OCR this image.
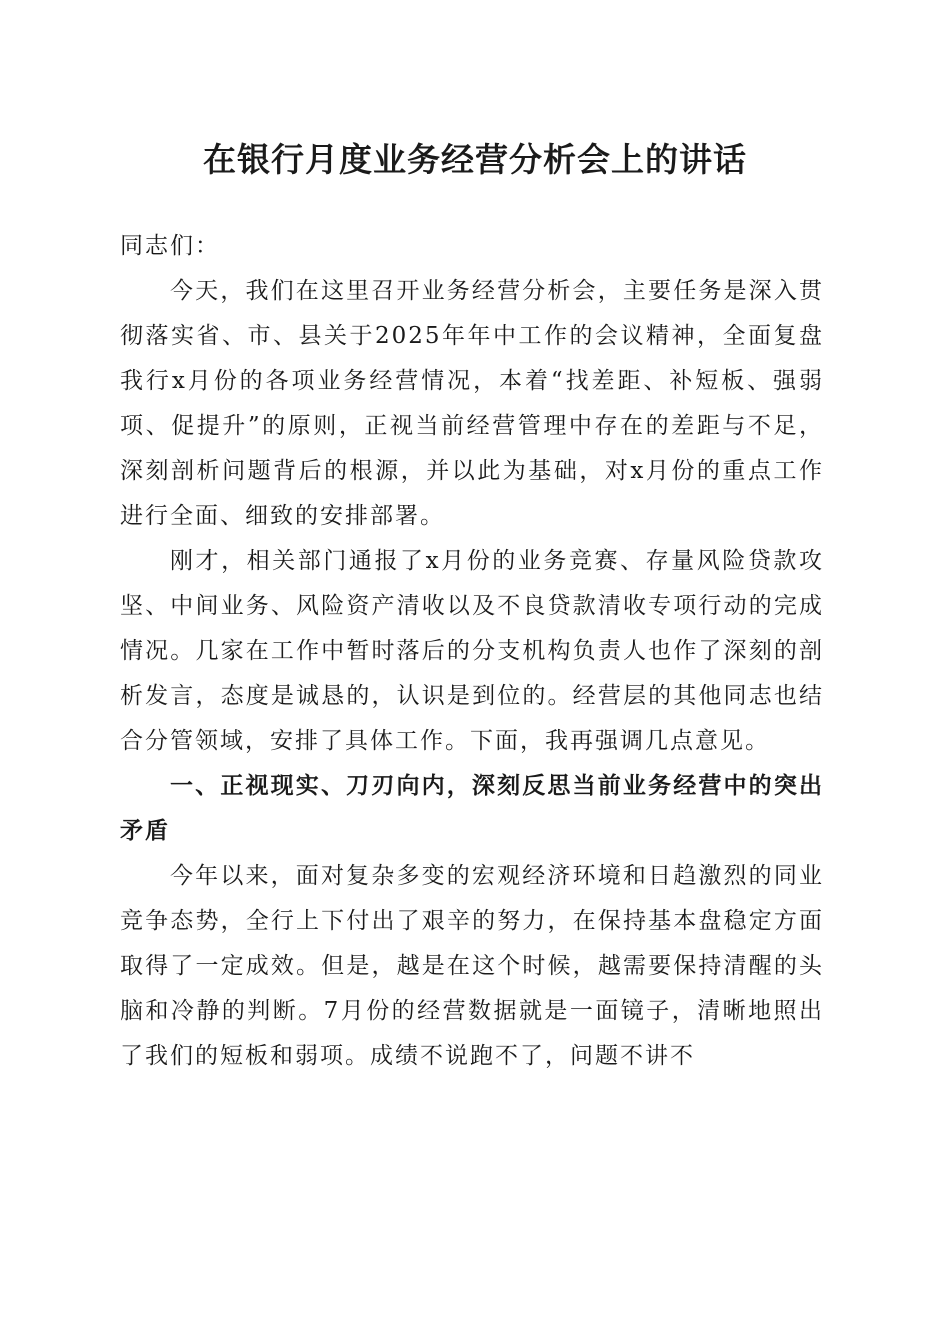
在银行月度业务经营分析会上的讲话

同志们：

今天，我们在这里召开业务经营分析会，主要任务是深入贯彻落实省、市、县关于2025年年中工作的会议精神，全面复盘我行x月份的各项业务经营情况，本着“找差距、补短板、强弱项、促提升”的原则，正视当前经营管理中存在的差距与不足，深刻剖析问题背后的根源，并以此为基础，对x月份的重点工作进行全面、细致的安排部署。

刚才，相关部门通报了x月份的业务竞赛、存量风险贷款攻坚、中间业务、风险资产清收以及不良贷款清收专项行动的完成情况。几家在工作中暂时落后的分支机构负责人也作了深刻的剖析发言，态度是诚恳的，认识是到位的。经营层的其他同志也结合分管领域，安排了具体工作。下面，我再强调几点意见。

一、正视现实、刀刃向内，深刻反思当前业务经营中的突出矛盾

今年以来，面对复杂多变的宏观经济环境和日趋激烈的同业竞争态势，全行上下付出了艰辛的努力，在保持基本盘稳定方面取得了一定成效。但是，越是在这个时候，越需要保持清醒的头脑和冷静的判断。7月份的经营数据就是一面镜子，清晰地照出了我们的短板和弱项。成绩不说跑不了，问题不讲不
